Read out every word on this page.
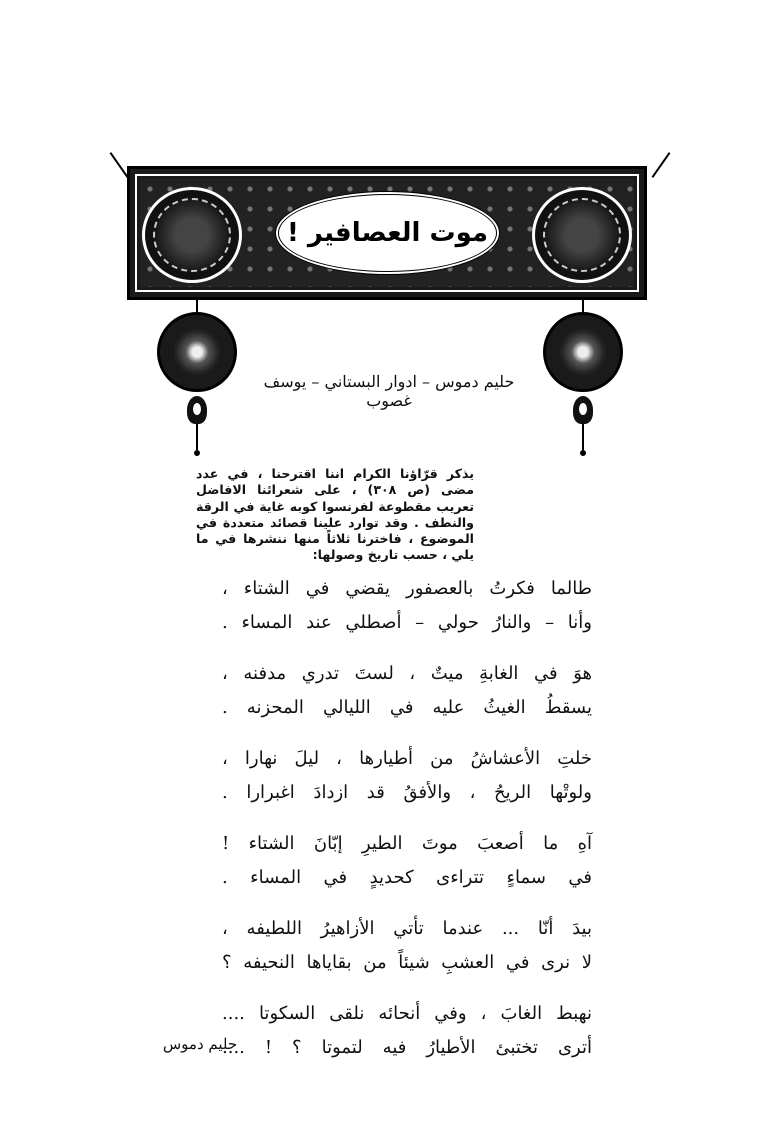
موت العصافير !
حليم دموس – ادوار البستاني – يوسف غصوب
يذكر قرّاؤنا الكرام اننا اقترحنا ، في عدد مضى (ص ٣٠٨) ، على شعرائنا الافاضل تعريب مقطوعة لفرنسوا كوبه غاية في الرقة والنطف . وقد توارد علينا قصائد متعددة في الموضوع ، فاخترنا ثلاثاً منها ننشرها في ما يلي ، حسب تاريخ وصولها:
طالما فكرتُ بالعصفور يقضي في الشتاء ،
وأنا – والنارُ حولي – أصطلي عند المساء .
هوَ في الغابةِ ميتٌ ، لستَ تدري مدفنه ،
يسقطُ الغيثُ عليه في الليالي المحزنه .
خلتِ الأعشاشُ من أطيارها ، ليلَ نهارا ،
ولوتْها الريحُ ، والأفقُ قد ازدادَ اغبرارا .
آهِ ما أصعبَ موتَ الطيرِ إبّانَ الشتاء !
في سماءٍ تتراءى كحديدٍ في المساء .
بيدَ أنّا ... عندما تأتي الأزاهيرُ اللطيفه ،
لا نرى في العشبِ شيئاً من بقاياها النحيفه ؟
نهبط الغابَ ، وفي أنحائه نلقى السكوتا ....
أترى تختبئ الأطيارُ فيه لتموتا ؟ ! ....
حليم دموس
